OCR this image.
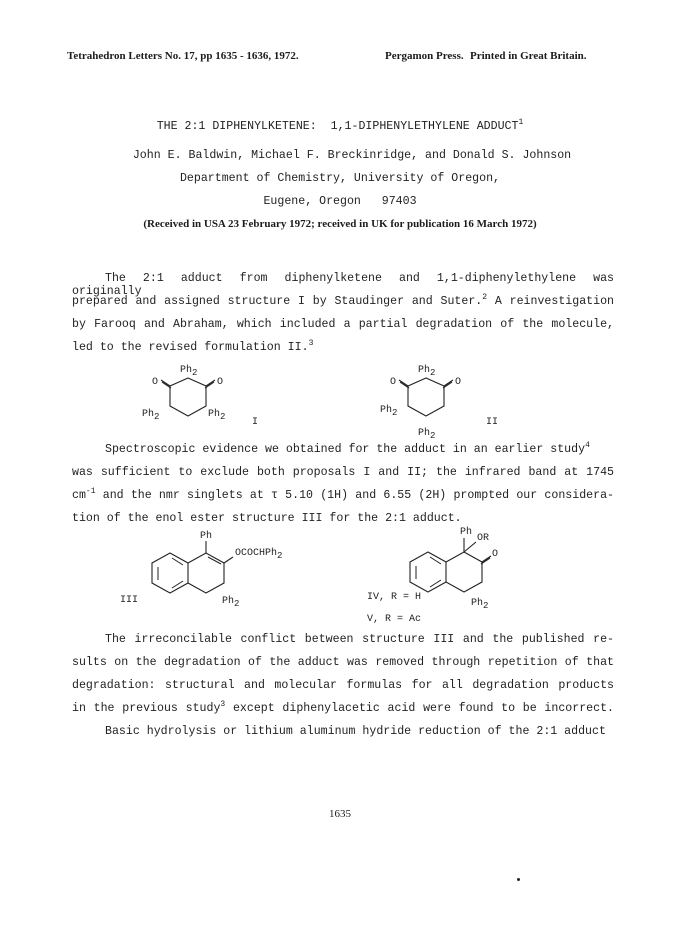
Tetrahedron Letters No. 17, pp 1635 - 1636, 1972.	Pergamon Press. Printed in Great Britain.
THE 2:1 DIPHENYLKETENE:  1,1-DIPHENYLETHYLENE ADDUCT$^1$
John E. Baldwin, Michael F. Breckinridge, and Donald S. Johnson
Department of Chemistry, University of Oregon,
Eugene, Oregon   97403
(Received in USA 23 February 1972; received in UK for publication 16 March 1972)
The 2:1 adduct from diphenylketene and 1,1-diphenylethylene was originally
prepared and assigned structure I by Staudinger and Suter.$^2$ A reinvestigation
by Farooq and Abraham, which included a partial degradation of the molecule,
led to the revised formulation II.$^3$
Ph2
O	O
Ph2	Ph2	I
Ph2
O	O
Ph2
Ph2
II
Spectroscopic evidence we obtained for the adduct in an earlier study$^4$
was sufficient to exclude both proposals I and II; the infrared band at 1745
$cm^{-1}$ and the nmr singlets at τ 5.10 (1H) and 6.55 (2H) prompted our considera-
tion of the enol ester structure III for the 2:1 adduct.
Ph
OCOCHPh2
III	Ph2
Ph
OR
O
Ph2
IV, R = H
V, R = Ac
The irreconcilable conflict between structure III and the published re-
sults on the degradation of the adduct was removed through repetition of that
degradation: structural and molecular formulas for all degradation products
in the previous study$^3$ except diphenylacetic acid were found to be incorrect.
Basic hydrolysis or lithium aluminum hydride reduction of the 2:1 adduct
1635
